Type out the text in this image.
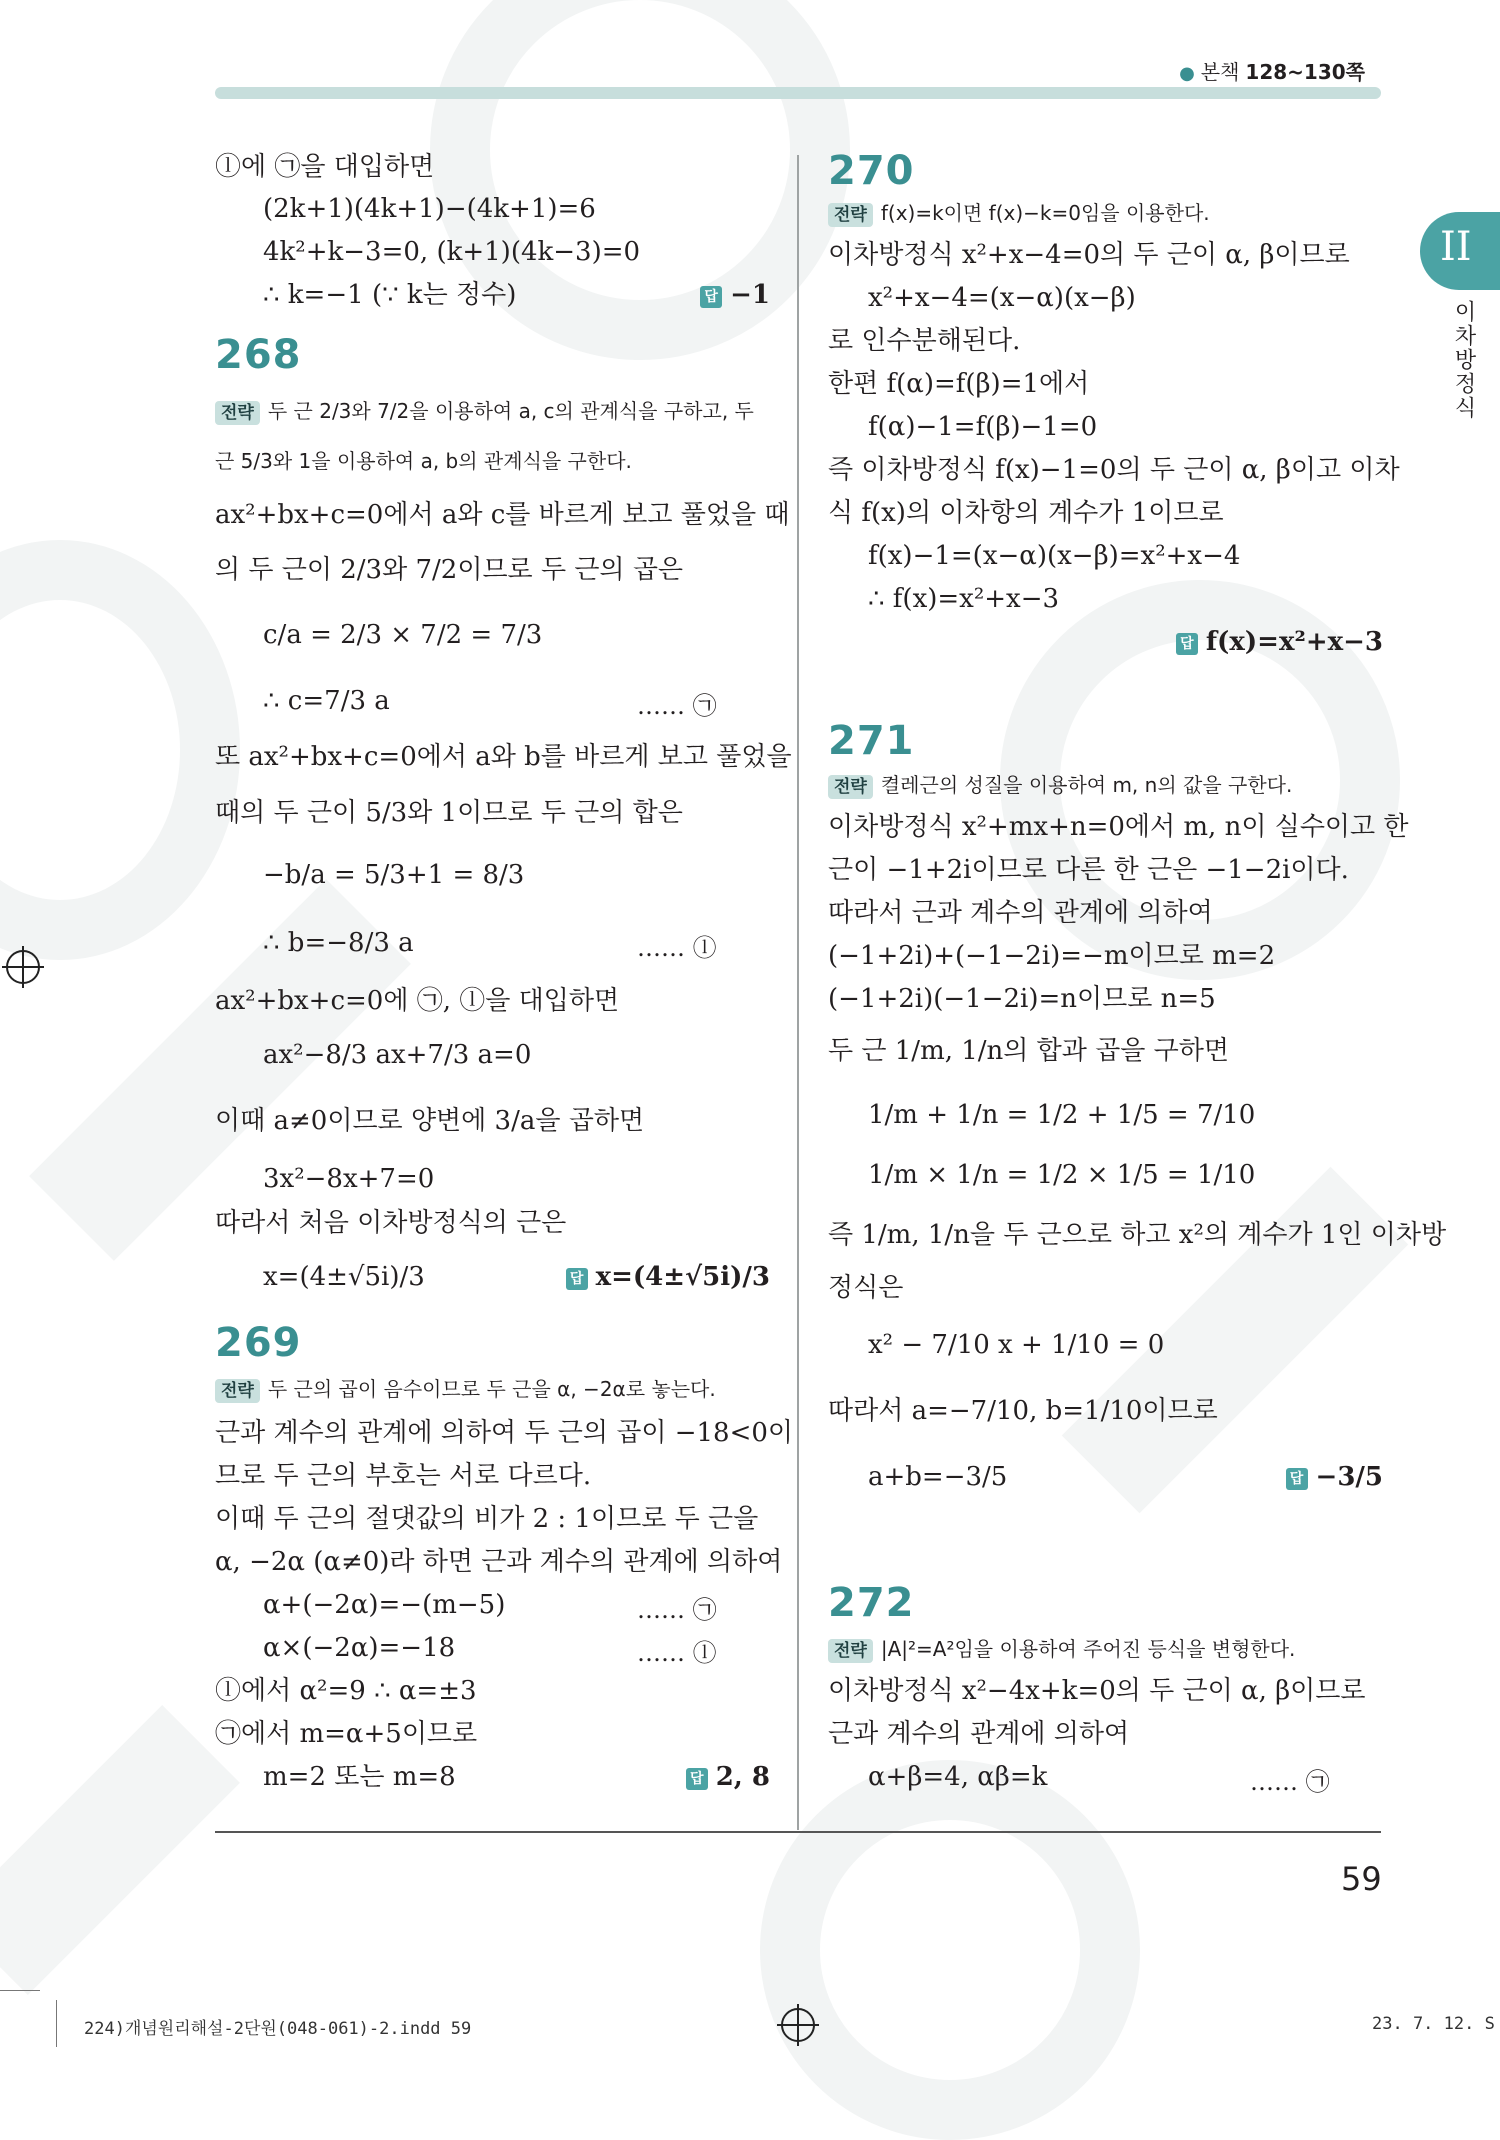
● 본책 128~130쪽
II
이차방정식
ⓛ에 ㉠을 대입하면
(2k+1)(4k+1)−(4k+1)=6
4k²+k−3=0, (k+1)(4k−3)=0
∴ k=−1 (∵ k는 정수)	답 −1
268
전략 두 근 2/3와 7/2을 이용하여 a, c의 관계식을 구하고, 두
근 5/3와 1을 이용하여 a, b의 관계식을 구한다.
ax²+bx+c=0에서 a와 c를 바르게 보고 풀었을 때
의 두 근이 2/3와 7/2이므로 두 근의 곱은
c/a = 2/3 × 7/2 = 7/3
∴ c=7/3 a	…… ㉠
또 ax²+bx+c=0에서 a와 b를 바르게 보고 풀었을
때의 두 근이 5/3와 1이므로 두 근의 합은
−b/a = 5/3+1 = 8/3
∴ b=−8/3 a	…… ⓛ
ax²+bx+c=0에 ㉠, ⓛ을 대입하면
ax²−8/3 ax+7/3 a=0
이때 a≠0이므로 양변에 3/a을 곱하면
3x²−8x+7=0
따라서 처음 이차방정식의 근은
x=(4±√5i)/3	답 x=(4±√5i)/3
269
전략 두 근의 곱이 음수이므로 두 근을 α, −2α로 놓는다.
근과 계수의 관계에 의하여 두 근의 곱이 −18<0이
므로 두 근의 부호는 서로 다르다.
이때 두 근의 절댓값의 비가 2 : 1이므로 두 근을
α, −2α (α≠0)라 하면 근과 계수의 관계에 의하여
α+(−2α)=−(m−5)	…… ㉠
α×(−2α)=−18	…… ⓛ
ⓛ에서 α²=9 ∴ α=±3
㉠에서 m=α+5이므로
m=2 또는 m=8	답 2, 8
270
전략 f(x)=k이면 f(x)−k=0임을 이용한다.
이차방정식 x²+x−4=0의 두 근이 α, β이므로
x²+x−4=(x−α)(x−β)
로 인수분해된다.
한편 f(α)=f(β)=1에서
f(α)−1=f(β)−1=0
즉 이차방정식 f(x)−1=0의 두 근이 α, β이고 이차
식 f(x)의 이차항의 계수가 1이므로
f(x)−1=(x−α)(x−β)=x²+x−4
∴ f(x)=x²+x−3
답 f(x)=x²+x−3
271
전략 켤레근의 성질을 이용하여 m, n의 값을 구한다.
이차방정식 x²+mx+n=0에서 m, n이 실수이고 한
근이 −1+2i이므로 다른 한 근은 −1−2i이다.
따라서 근과 계수의 관계에 의하여
(−1+2i)+(−1−2i)=−m이므로 m=2
(−1+2i)(−1−2i)=n이므로 n=5
두 근 1/m, 1/n의 합과 곱을 구하면
1/m + 1/n = 1/2 + 1/5 = 7/10
1/m × 1/n = 1/2 × 1/5 = 1/10
즉 1/m, 1/n을 두 근으로 하고 x²의 계수가 1인 이차방
정식은
x² − 7/10 x + 1/10 = 0
따라서 a=−7/10, b=1/10이므로
a+b=−3/5	답 −3/5
272
전략 |A|²=A²임을 이용하여 주어진 등식을 변형한다.
이차방정식 x²−4x+k=0의 두 근이 α, β이므로
근과 계수의 관계에 의하여
α+β=4, αβ=k	…… ㉠
59
224)개념원리해설-2단원(048-061)-2.indd 59	23. 7. 12. S
